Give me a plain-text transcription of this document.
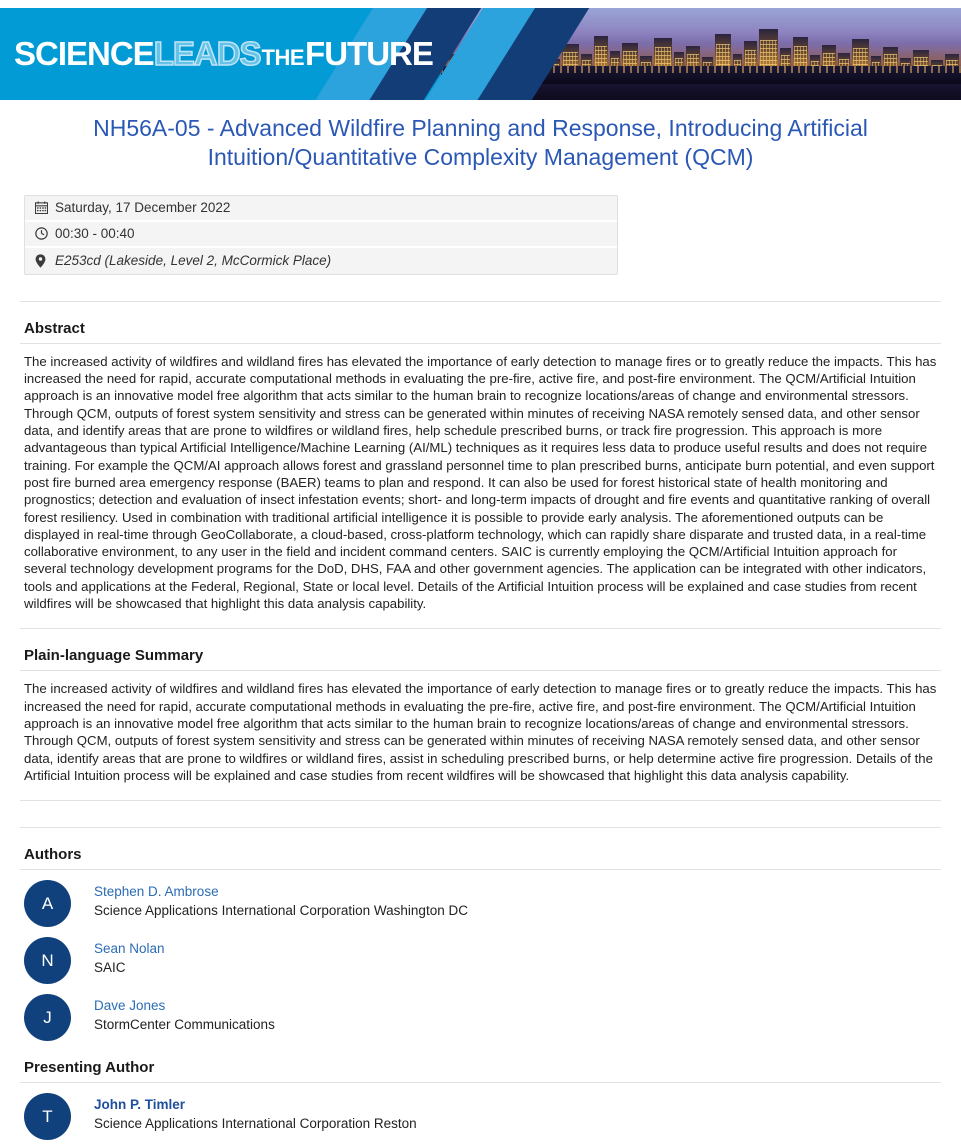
SCIENCE LEADS THE FUTURE
NH56A-05 - Advanced Wildfire Planning and Response, Introducing Artificial Intuition/Quantitative Complexity Management (QCM)
Saturday, 17 December 2022
00:30 - 00:40
E253cd (Lakeside, Level 2, McCormick Place)
Abstract

The increased activity of wildfires and wildland fires has elevated the importance of early detection to manage fires or to greatly reduce the impacts. This has increased the need for rapid, accurate computational methods in evaluating the pre-fire, active fire, and post-fire environment. The QCM/Artificial Intuition approach is an innovative model free algorithm that acts similar to the human brain to recognize locations/areas of change and environmental stressors. Through QCM, outputs of forest system sensitivity and stress can be generated within minutes of receiving NASA remotely sensed data, and other sensor data, and identify areas that are prone to wildfires or wildland fires, help schedule prescribed burns, or track fire progression. This approach is more advantageous than typical Artificial Intelligence/Machine Learning (AI/ML) techniques as it requires less data to produce useful results and does not require training. For example the QCM/AI approach allows forest and grassland personnel time to plan prescribed burns, anticipate burn potential, and even support post fire burned area emergency response (BAER) teams to plan and respond. It can also be used for forest historical state of health monitoring and prognostics; detection and evaluation of insect infestation events; short- and long-term impacts of drought and fire events and quantitative ranking of overall forest resiliency. Used in combination with traditional artificial intelligence it is possible to provide early analysis. The aforementioned outputs can be displayed in real-time through GeoCollaborate, a cloud-based, cross-platform technology, which can rapidly share disparate and trusted data, in a real-time collaborative environment, to any user in the field and incident command centers. SAIC is currently employing the QCM/Artificial Intuition approach for several technology development programs for the DoD, DHS, FAA and other government agencies. The application can be integrated with other indicators, tools and applications at the Federal, Regional, State or local level. Details of the Artificial Intuition process will be explained and case studies from recent wildfires will be showcased that highlight this data analysis capability.

Plain-language Summary

The increased activity of wildfires and wildland fires has elevated the importance of early detection to manage fires or to greatly reduce the impacts. This has increased the need for rapid, accurate computational methods in evaluating the pre-fire, active fire, and post-fire environment. The QCM/Artificial Intuition approach is an innovative model free algorithm that acts similar to the human brain to recognize locations/areas of change and environmental stressors. Through QCM, outputs of forest system sensitivity and stress can be generated within minutes of receiving NASA remotely sensed data, and other sensor data, identify areas that are prone to wildfires or wildland fires, assist in scheduling prescribed burns, or help determine active fire progression. Details of the Artificial Intuition process will be explained and case studies from recent wildfires will be showcased that highlight this data analysis capability.

Authors
A
Stephen D. Ambrose
Science Applications International Corporation Washington DC
N
Sean Nolan
SAIC
J
Dave Jones
StormCenter Communications
Presenting Author
T
John P. Timler
Science Applications International Corporation Reston
